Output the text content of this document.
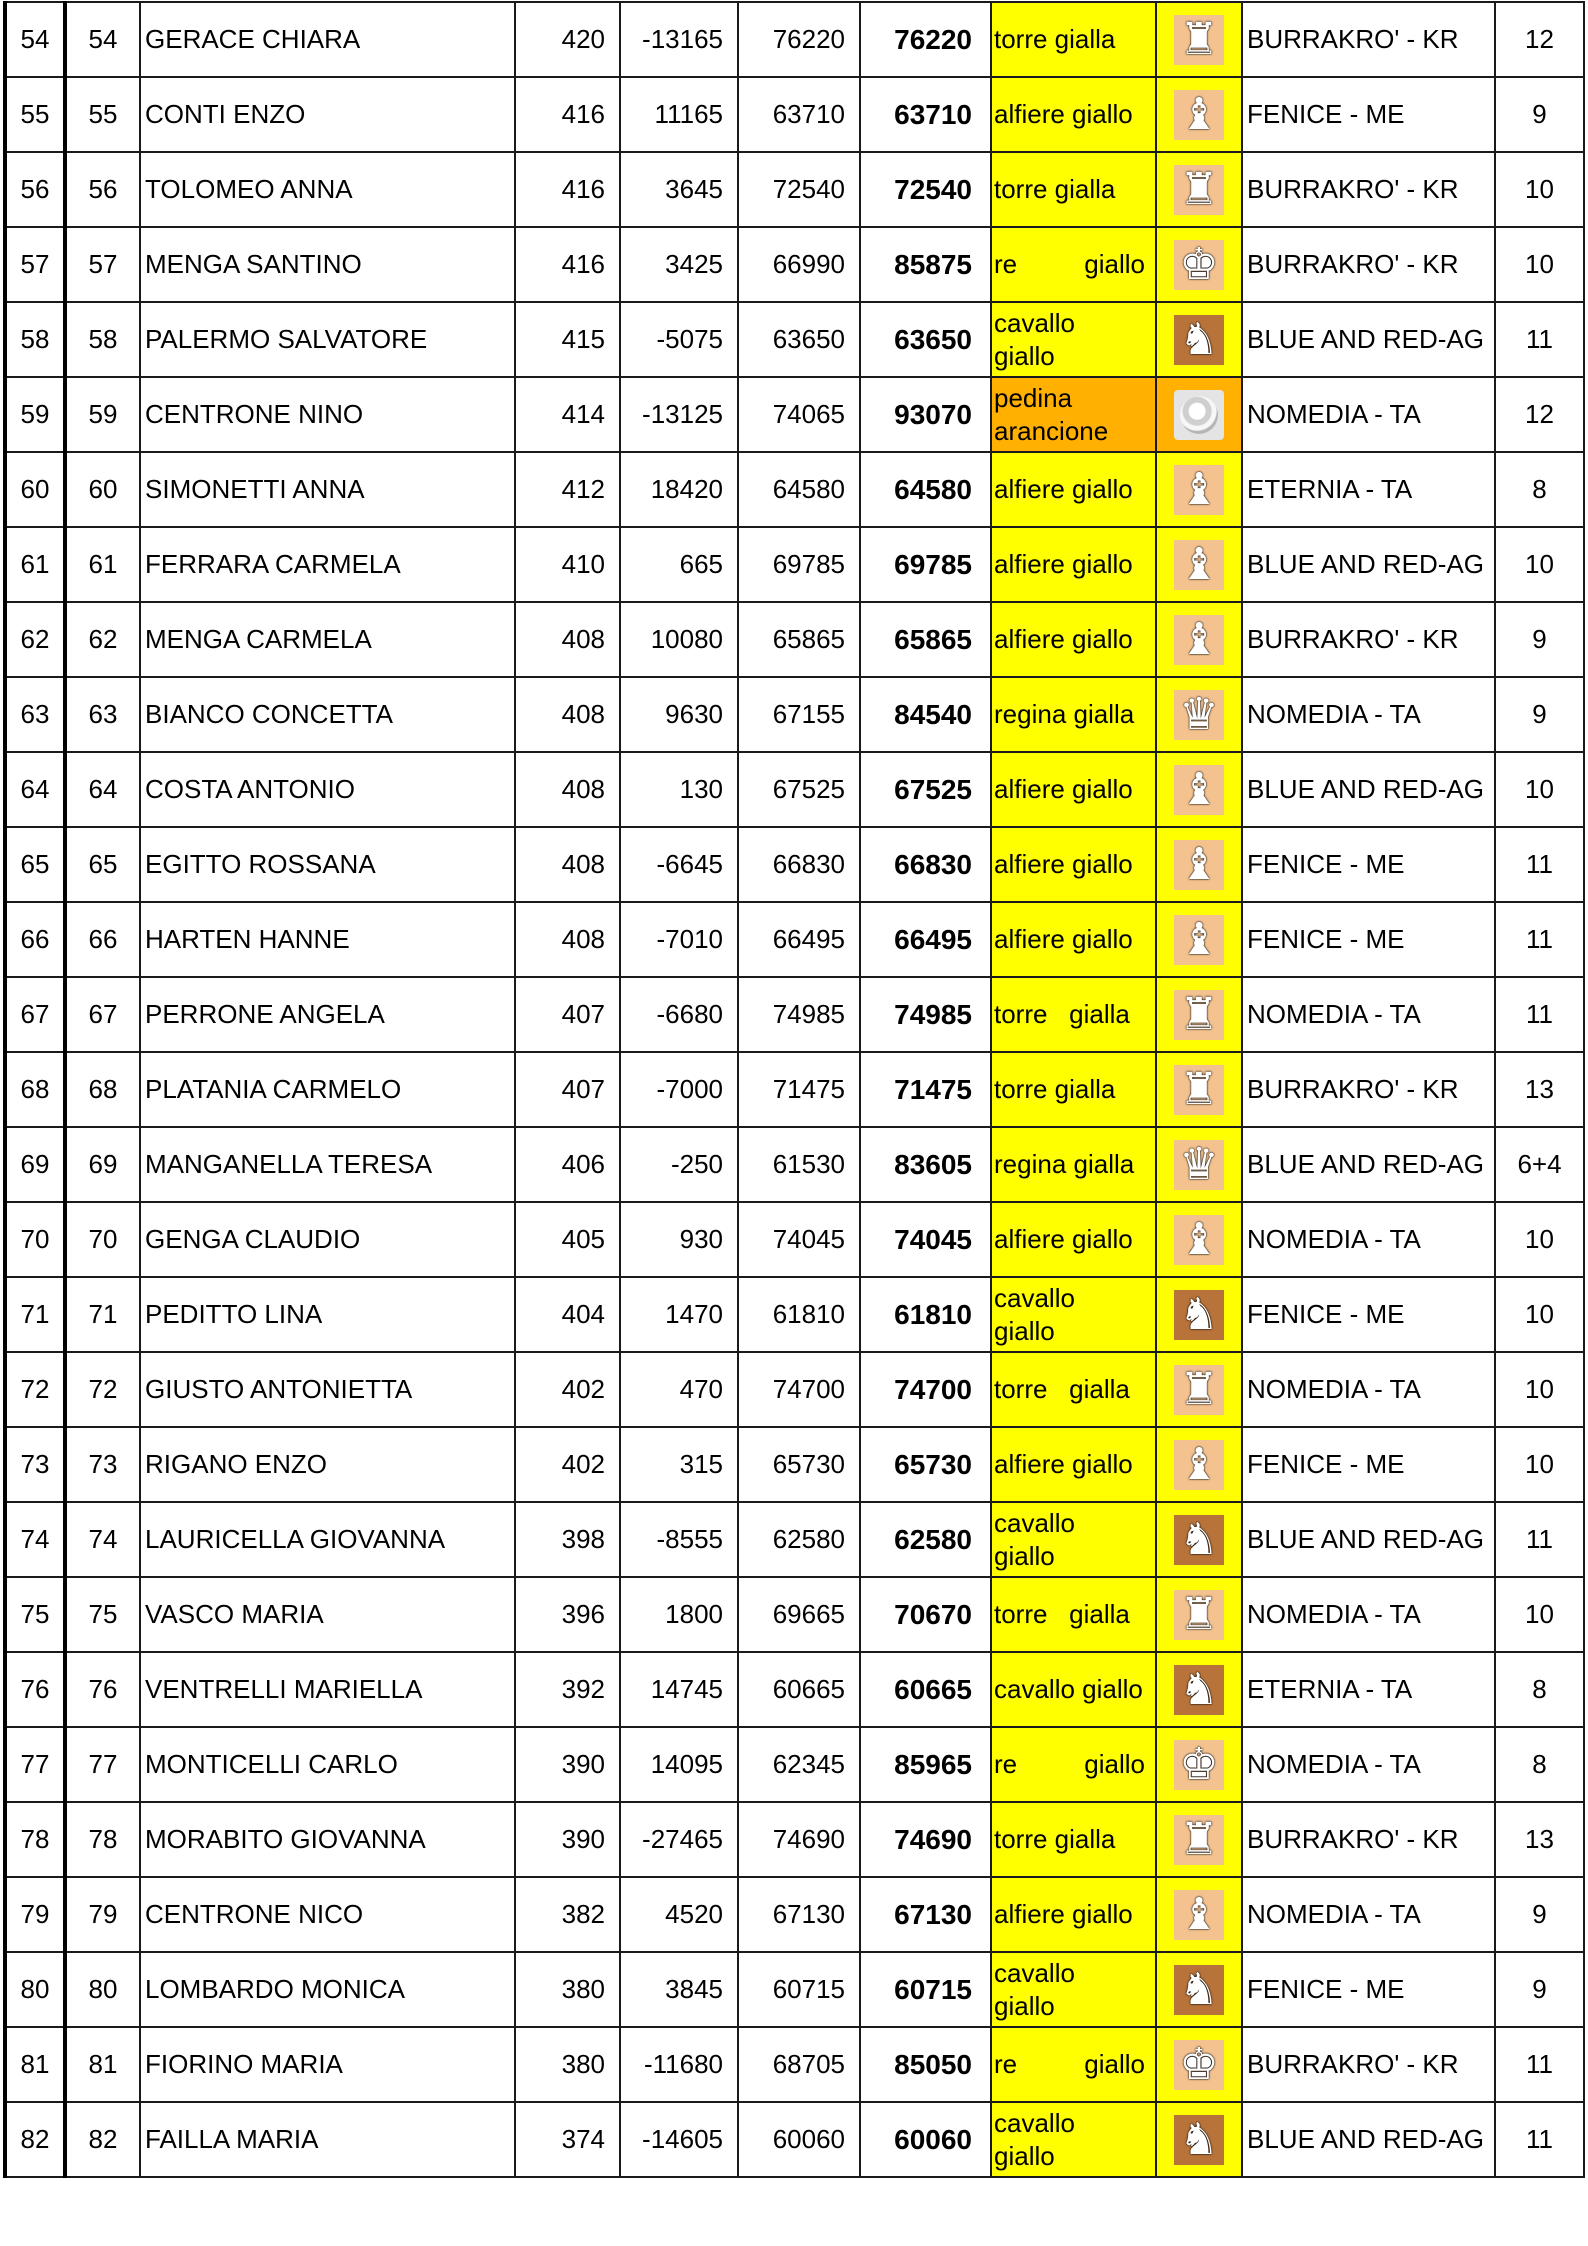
54	54	GERACE CHIARA	420	-13165	76220	76220	torre gialla	♜	BURRAKRO' - KR	12
55	55	CONTI ENZO	416	11165	63710	63710	alfiere giallo	♝	FENICE - ME	9
56	56	TOLOMEO ANNA	416	3645	72540	72540	torre gialla	♜	BURRAKRO' - KR	10
57	57	MENGA SANTINO	416	3425	66990	85875	re giallo	♚	BURRAKRO' - KR	10
58	58	PALERMO SALVATORE	415	-5075	63650	63650	cavallo giallo	♞	BLUE AND RED-AG	11
59	59	CENTRONE NINO	414	-13125	74065	93070	pedina arancione		NOMEDIA - TA	12
60	60	SIMONETTI ANNA	412	18420	64580	64580	alfiere giallo	♝	ETERNIA - TA	8
61	61	FERRARA CARMELA	410	665	69785	69785	alfiere giallo	♝	BLUE AND RED-AG	10
62	62	MENGA CARMELA	408	10080	65865	65865	alfiere giallo	♝	BURRAKRO' - KR	9
63	63	BIANCO CONCETTA	408	9630	67155	84540	regina gialla	♛	NOMEDIA - TA	9
64	64	COSTA ANTONIO	408	130	67525	67525	alfiere giallo	♝	BLUE AND RED-AG	10
65	65	EGITTO ROSSANA	408	-6645	66830	66830	alfiere giallo	♝	FENICE - ME	11
66	66	HARTEN HANNE	408	-7010	66495	66495	alfiere giallo	♝	FENICE - ME	11
67	67	PERRONE ANGELA	407	-6680	74985	74985	torre   gialla	♜	NOMEDIA - TA	11
68	68	PLATANIA CARMELO	407	-7000	71475	71475	torre gialla	♜	BURRAKRO' - KR	13
69	69	MANGANELLA TERESA	406	-250	61530	83605	regina gialla	♛	BLUE AND RED-AG	6+4
70	70	GENGA CLAUDIO	405	930	74045	74045	alfiere giallo	♝	NOMEDIA - TA	10
71	71	PEDITTO LINA	404	1470	61810	61810	cavallo giallo	♞	FENICE - ME	10
72	72	GIUSTO ANTONIETTA	402	470	74700	74700	torre   gialla	♜	NOMEDIA - TA	10
73	73	RIGANO ENZO	402	315	65730	65730	alfiere giallo	♝	FENICE - ME	10
74	74	LAURICELLA GIOVANNA	398	-8555	62580	62580	cavallo giallo	♞	BLUE AND RED-AG	11
75	75	VASCO MARIA	396	1800	69665	70670	torre   gialla	♜	NOMEDIA - TA	10
76	76	VENTRELLI MARIELLA	392	14745	60665	60665	cavallo giallo	♞	ETERNIA - TA	8
77	77	MONTICELLI CARLO	390	14095	62345	85965	re giallo	♚	NOMEDIA - TA	8
78	78	MORABITO GIOVANNA	390	-27465	74690	74690	torre gialla	♜	BURRAKRO' - KR	13
79	79	CENTRONE NICO	382	4520	67130	67130	alfiere giallo	♝	NOMEDIA - TA	9
80	80	LOMBARDO MONICA	380	3845	60715	60715	cavallo giallo	♞	FENICE - ME	9
81	81	FIORINO MARIA	380	-11680	68705	85050	re giallo	♚	BURRAKRO' - KR	11
82	82	FAILLA MARIA	374	-14605	60060	60060	cavallo giallo	♞	BLUE AND RED-AG	11
